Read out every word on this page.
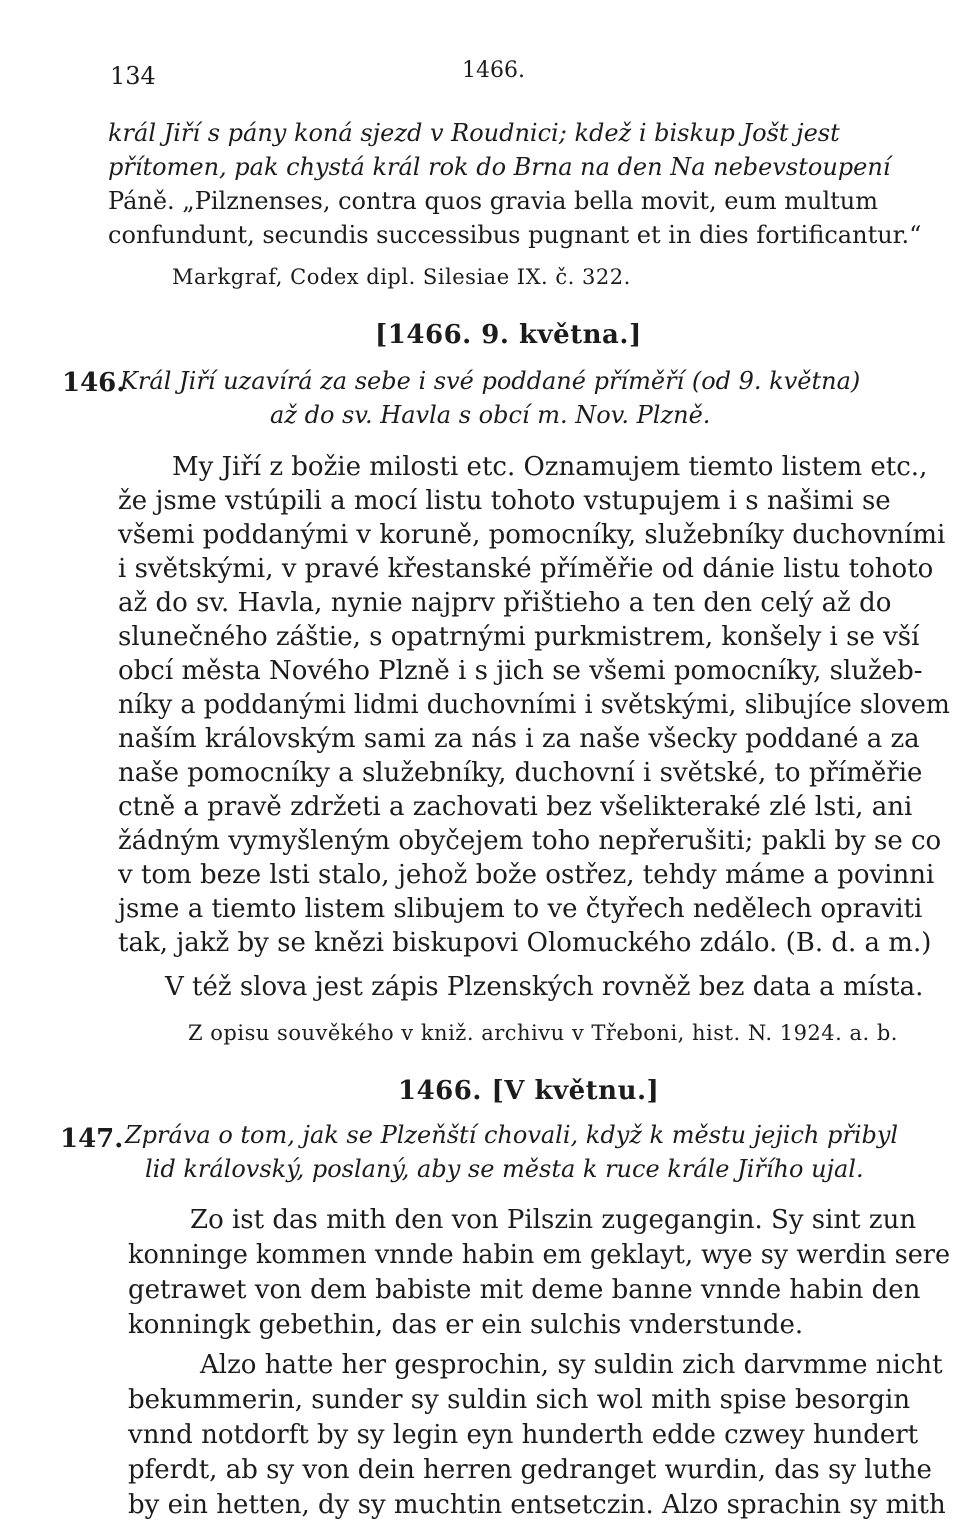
134	1466.
král Jiří s pány koná sjezd v Roudnici; kdež i biskup Jošt jest
přítomen, pak chystá král rok do Brna na den Na nebevstoupení
Páně. „Pilznenses, contra quos gravia bella movit, eum multum
confundunt, secundis successibus pugnant et in dies fortificantur.“
Markgraf, Codex dipl. Silesiae IX. č. 322.
[1466. 9. května.]
146.
Král Jiří uzavírá za sebe i své poddané příměří (od 9. května)
až do sv. Havla s obcí m. Nov. Plzně.
My Jiří z božie milosti etc. Oznamujem tiemto listem etc.,
že jsme vstúpili a mocí listu tohoto vstupujem i s našimi se
všemi poddanými v koruně, pomocníky, služebníky duchovními
i světskými, v pravé křestanské příměřie od dánie listu tohoto
až do sv. Havla, nynie najprv přištieho a ten den celý až do
slunečného záštie, s opatrnými purkmistrem, konšely i se vší
obcí města Nového Plzně i s jich se všemi pomocníky, služeb-
níky a poddanými lidmi duchovními i světskými, slibujíce slovem
naším královským sami za nás i za naše všecky poddané a za
naše pomocníky a služebníky, duchovní i světské, to příměřie
ctně a pravě zdržeti a zachovati bez všelikteraké zlé lsti, ani
žádným vymyšleným obyčejem toho nepřerušiti; pakli by se co
v tom beze lsti stalo, jehož bože ostřez, tehdy máme a povinni
jsme a tiemto listem slibujem to ve čtyřech nedělech opraviti
tak, jakž by se knězi biskupovi Olomuckého zdálo. (B. d. a m.)
V též slova jest zápis Plzenských rovněž bez data a místa.
Z opisu souvěkého v kniž. archivu v Třeboni, hist. N. 1924. a. b.
1466. [V květnu.]
147. Zpráva o tom, jak se Plzeňští chovali, když k městu jejich přibyl
lid královský, poslaný, aby se města k ruce krále Jiřího ujal.
Zo ist das mith den von Pilszin zugegangin. Sy sint zun
konninge kommen vnnde habin em geklayt, wye sy werdin sere
getrawet von dem babiste mit deme banne vnnde habin den
konningk gebethin, das er ein sulchis vnderstunde.
Alzo hatte her gesprochin, sy suldin zich darvmme nicht
bekummerin, sunder sy suldin sich wol mith spise besorgin
vnnd notdorft by sy legin eyn hunderth edde czwey hundert
pferdt, ab sy von dein herren gedranget wurdin, das sy luthe
by ein hetten, dy sy muchtin entsetczin. Alzo sprachin sy mith
